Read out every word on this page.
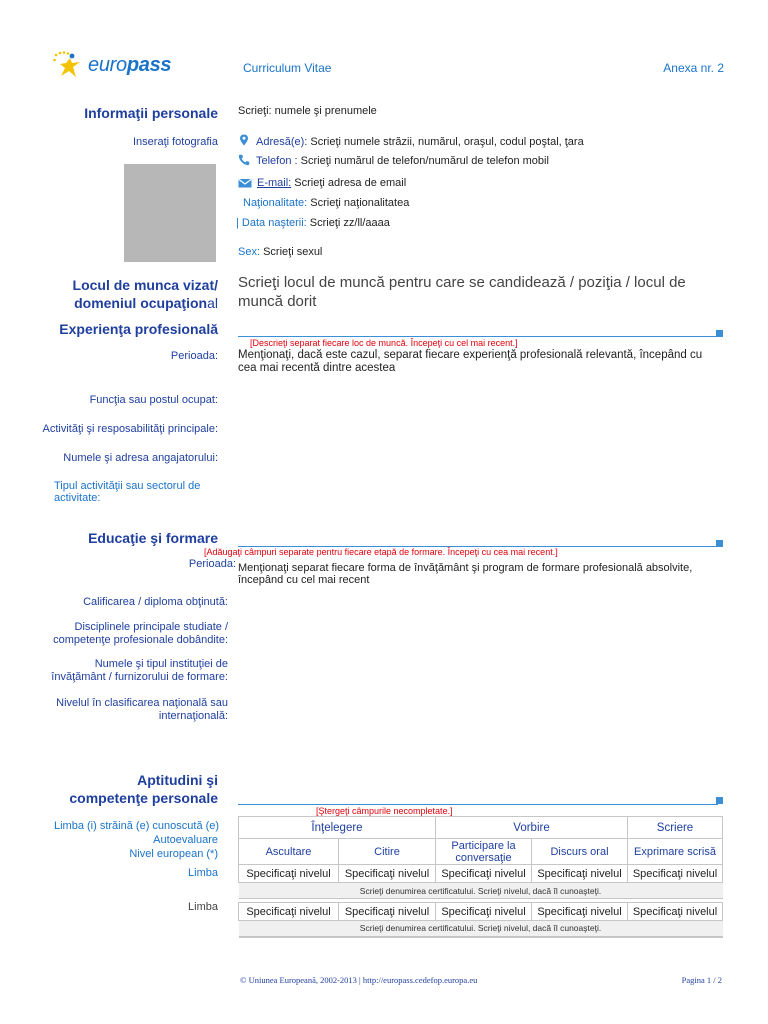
europass	Curriculum Vitae	Anexa nr. 2
Informaţii personale Scrieţi: numele şi prenumele
Inseraţi fotografia	Adresă(e): Scrieţi numele străzii, numărul, oraşul, codul poştal, ţara
Telefon : Scrieţi numărul de telefon/numărul de telefon mobil
E-mail: Scrieţi adresa de email
Naţionalitate: Scrieţi naţionalitatea
| Data naşterii: Scrieţi zz/ll/aaaa
Sex: Scrieţi sexul
Locul de munca vizat/
domeniul ocupaţional
Scrieţi locul de muncă pentru care se candidează / poziţia / locul de muncă dorit
Experienţa profesională
[Descrieţi separat fiecare loc de muncă. Începeţi cu cel mai recent.]
Perioada: Menţionaţi, dacă este cazul, separat fiecare experienţă profesională relevantă, începând cu cea mai recentă dintre acestea
Funcţia sau postul ocupat:
Activităţi şi resposabilităţi principale:
Numele şi adresa angajatorului:
Tipul activităţii sau sectorul de activitate:
Educaţie şi formare
[Adăugaţi câmpuri separate pentru fiecare etapă de formare. Începeţi cu cea mai recent.]
Perioada: Menţionaţi separat fiecare forma de învăţământ şi program de formare profesională absolvite, începând cu cel mai recent
Calificarea / diploma obţinută:
Disciplinele principale studiate / competenţe profesionale dobândite:
Numele şi tipul instituţiei de învăţământ / furnizorului de formare:
Nivelul în clasificarea naţională sau internaţională:
Aptitudini şi
competenţe personale
[Ştergeţi câmpurile necompletate.]
Limba (i) străină (e) cunoscută (e)
Autoevaluare
Nivel european (*)
Limba
Limba
Înţelegere		Vorbire		Scriere
Ascultare	Citire	Participare la conversaţie	Discurs oral	Exprimare scrisă
Specificaţi nivelul	Specificaţi nivelul	Specificaţi nivelul	Specificaţi nivelul	Specificaţi nivelul
Scrieţi denumirea certificatului. Scrieţi nivelul, dacă îl cunoaşteţi.				

Specificaţi nivelul	Specificaţi nivelul	Specificaţi nivelul	Specificaţi nivelul	Specificaţi nivelul
Scrieţi denumirea certificatului. Scrieţi nivelul, dacă îl cunoaşteţi.				
© Uniunea Europeană, 2002-2013 | http://europass.cedefop.europa.eu	Pagina 1 / 2
